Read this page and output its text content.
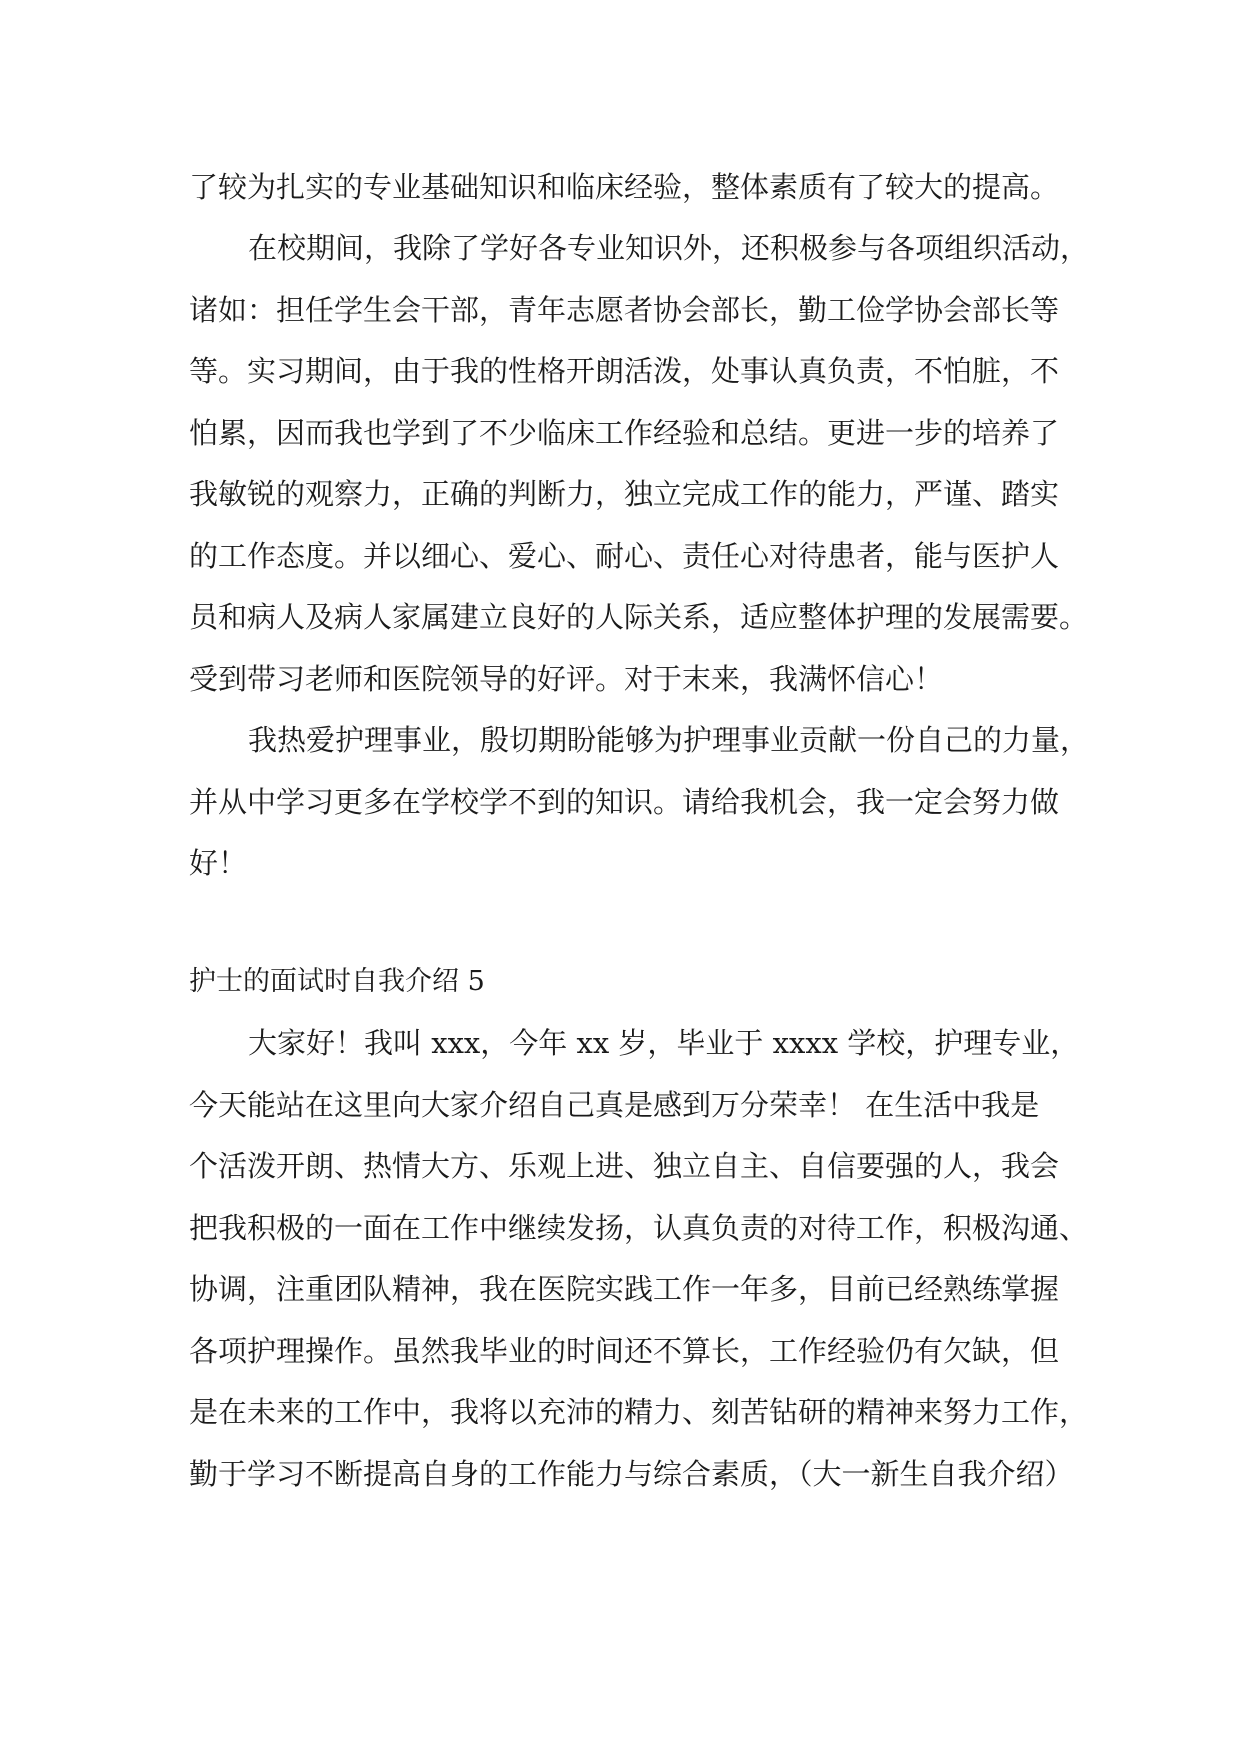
了较为扎实的专业基础知识和临床经验，整体素质有了较大的提高。
在校期间，我除了学好各专业知识外，还积极参与各项组织活动，
诸如：担任学生会干部，青年志愿者协会部长，勤工俭学协会部长等
等。实习期间，由于我的性格开朗活泼，处事认真负责，不怕脏，不
怕累，因而我也学到了不少临床工作经验和总结。更进一步的培养了
我敏锐的观察力，正确的判断力，独立完成工作的能力，严谨、踏实
的工作态度。并以细心、爱心、耐心、责任心对待患者，能与医护人
员和病人及病人家属建立良好的人际关系，适应整体护理的发展需要。
受到带习老师和医院领导的好评。对于末来，我满怀信心！
我热爱护理事业，殷切期盼能够为护理事业贡献一份自己的力量，
并从中学习更多在学校学不到的知识。请给我机会，我一定会努力做
好！
护士的面试时自我介绍 5
大家好！我叫 xxx，今年 xx 岁，毕业于 xxxx 学校，护理专业，
今天能站在这里向大家介绍自己真是感到万分荣幸！ 在生活中我是
个活泼开朗、热情大方、乐观上进、独立自主、自信要强的人，我会
把我积极的一面在工作中继续发扬，认真负责的对待工作，积极沟通、
协调，注重团队精神，我在医院实践工作一年多，目前已经熟练掌握
各项护理操作。虽然我毕业的时间还不算长，工作经验仍有欠缺，但
是在未来的工作中，我将以充沛的精力、刻苦钻研的精神来努力工作，
勤于学习不断提高自身的工作能力与综合素质，（大一新生自我介绍）
